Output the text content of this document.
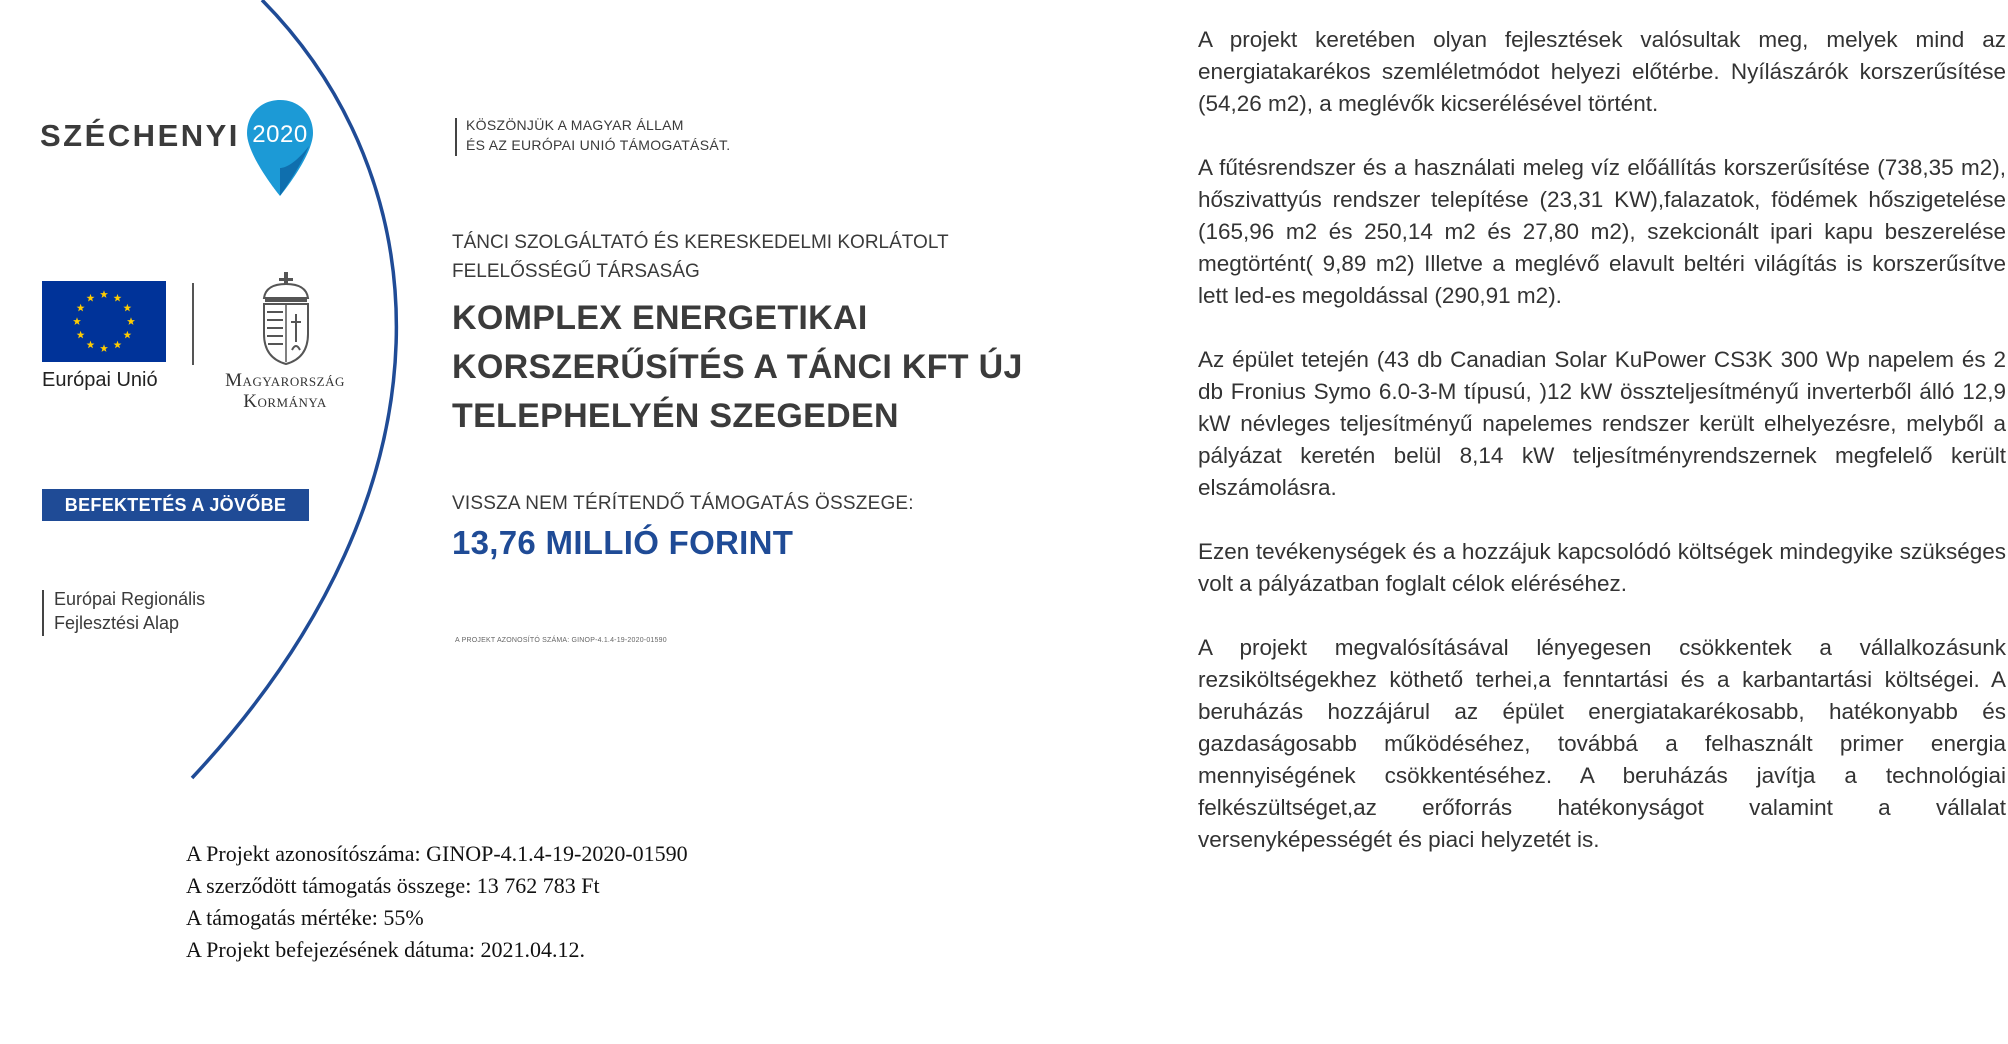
SZÉCHENYI 2020
Európai Unió	Magyarország
Kormánya
BEFEKTETÉS A JÖVŐBE
Európai Regionális
Fejlesztési Alap
KÖSZÖNJÜK A MAGYAR ÁLLAM
ÉS AZ EURÓPAI UNIÓ TÁMOGATÁSÁT.
TÁNCI SZOLGÁLTATÓ ÉS KERESKEDELMI KORLÁTOLT
FELELŐSSÉGŰ TÁRSASÁG
KOMPLEX ENERGETIKAI
KORSZERŰSÍTÉS A TÁNCI KFT ÚJ
TELEPHELYÉN SZEGEDEN
VISSZA NEM TÉRÍTENDŐ TÁMOGATÁS ÖSSZEGE:
13,76 MILLIÓ FORINT
A PROJEKT AZONOSÍTÓ SZÁMA: GINOP-4.1.4-19-2020-01590
A Projekt azonosítószáma: GINOP-4.1.4-19-2020-01590
A szerződött támogatás összege: 13 762 783 Ft
A támogatás mértéke: 55%
A Projekt befejezésének dátuma: 2021.04.12.

A projekt keretében olyan fejlesztések valósultak meg, melyek mind az energiatakarékos szemléletmódot helyezi előtérbe. Nyílászárók korszerűsítése (54,26 m2), a meglévők kicserélésével történt.

A fűtésrendszer és a használati meleg víz előállítás korszerűsítése (738,35 m2), hőszivattyús rendszer telepítése (23,31 KW),falazatok, födémek hőszigetelése (165,96 m2 és 250,14 m2 és 27,80 m2), szekcionált ipari kapu beszerelése megtörtént( 9,89 m2) Illetve a meglévő elavult beltéri világítás is korszerűsítve lett led-es megoldással (290,91 m2).

Az épület tetején (43 db Canadian Solar KuPower CS3K 300 Wp napelem és 2 db Fronius Symo 6.0-3-M típusú, )12 kW összteljesítményű inverterből álló 12,9 kW névleges teljesítményű napelemes rendszer került elhelyezésre, melyből a pályázat keretén belül 8,14 kW teljesítményrendszernek megfelelő került elszámolásra.

Ezen tevékenységek és a hozzájuk kapcsolódó költségek mindegyike szükséges volt a pályázatban foglalt célok eléréséhez.

A projekt megvalósításával lényegesen csökkentek a vállalkozásunk rezsiköltségekhez köthető terhei,a fenntartási és a karbantartási költségei. A beruházás hozzájárul az épület energiatakarékosabb, hatékonyabb és gazdaságosabb működéséhez, továbbá a felhasznált primer energia mennyiségének csökkentéséhez. A beruházás javítja a technológiai felkészültséget,az erőforrás hatékonyságot valamint a vállalat versenyképességét és piaci helyzetét is.
